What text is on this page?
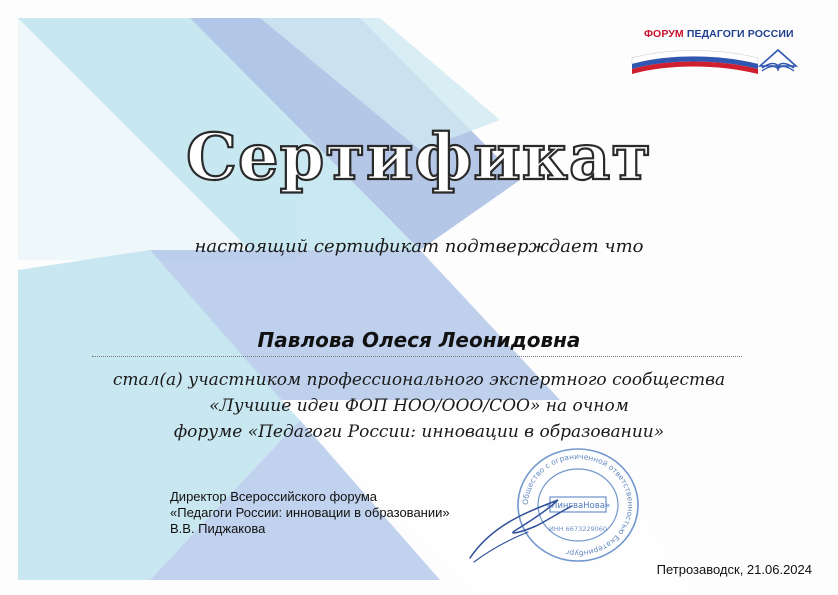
ФОРУМ ПЕДАГОГИ РОССИИ
Сертификат
настоящий сертификат подтверждает что
Павлова Олеся Леонидовна
стал(а) участником профессионального экспертного сообщества
«Лучшие идеи ФОП НОО/ООО/СОО» на очном
форуме «Педагоги России: инновации в образовании»
Общество с ограниченной ответственностью Екатеринбург
«ЛингваНова»
ИНН 6673229060
Директор Всероссийского форума
«Педагоги России: инновации в образовании»
В.В. Пиджакова
Петрозаводск, 21.06.2024
